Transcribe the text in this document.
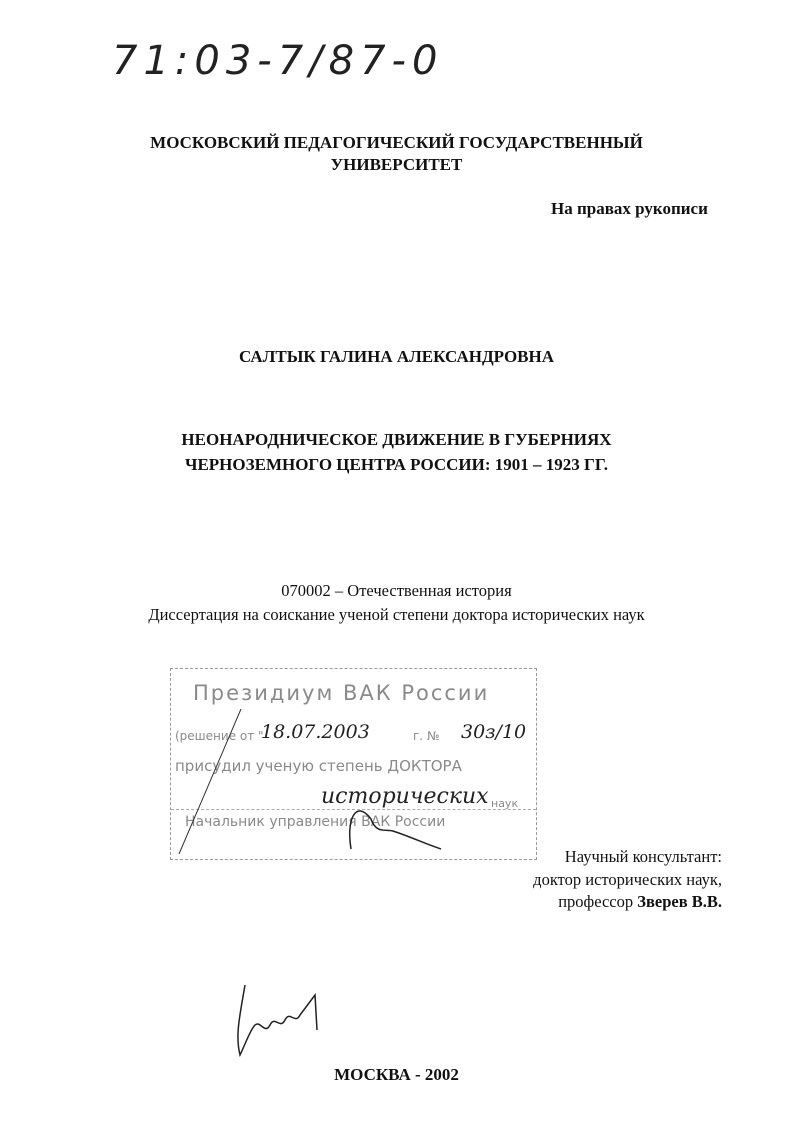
71:03-7/87-0
МОСКОВСКИЙ ПЕДАГОГИЧЕСКИЙ ГОСУДАРСТВЕННЫЙ
УНИВЕРСИТЕТ
На правах рукописи
САЛТЫК ГАЛИНА АЛЕКСАНДРОВНА
НЕОНАРОДНИЧЕСКОЕ ДВИЖЕНИЕ В ГУБЕРНИЯХ
ЧЕРНОЗЕМНОГО ЦЕНТРА РОССИИ: 1901 – 1923 ГГ.
070002 – Отечественная история
Диссертация на соискание ученой степени доктора исторических наук
Президиум ВАК России
(решение от "
18.07.2003	г. № 30з/10
присудил ученую степень ДОКТОРА
исторических наук
Начальник управления ВАК России
Научный консультант:
доктор исторических наук,
профессор Зверев В.В.
МОСКВА - 2002
